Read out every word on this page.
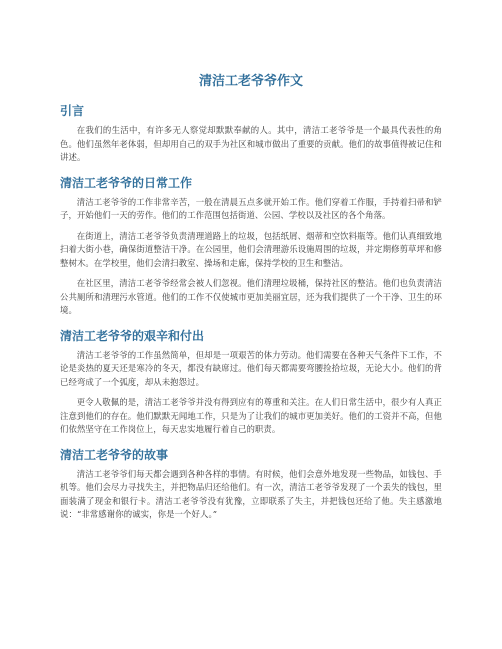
清洁工老爷爷作文
引言

在我们的生活中，有许多无人察觉却默默奉献的人。其中，清洁工老爷爷是一个最具代表性的角色。他们虽然年老体弱，但却用自己的双手为社区和城市做出了重要的贡献。他们的故事值得被记住和讲述。

清洁工老爷爷的日常工作

清洁工老爷爷的工作非常辛苦，一般在清晨五点多就开始工作。他们穿着工作服，手持着扫帚和铲子，开始他们一天的劳作。他们的工作范围包括街道、公园、学校以及社区的各个角落。

在街道上，清洁工老爷爷负责清理道路上的垃圾，包括纸屑、烟蒂和空饮料瓶等。他们认真细致地扫着大街小巷，确保街道整洁干净。在公园里，他们会清理游乐设施周围的垃圾，并定期修剪草坪和修整树木。在学校里，他们会清扫教室、操场和走廊，保持学校的卫生和整洁。

在社区里，清洁工老爷爷经常会被人们忽视。他们清理垃圾桶，保持社区的整洁。他们也负责清洁公共厕所和清理污水管道。他们的工作不仅使城市更加美丽宜居，还为我们提供了一个干净、卫生的环境。

清洁工老爷爷的艰辛和付出

清洁工老爷爷的工作虽然简单，但却是一项艰苦的体力劳动。他们需要在各种天气条件下工作，不论是炎热的夏天还是寒冷的冬天，都没有缺席过。他们每天都需要弯腰捡拾垃圾，无论大小。他们的背已经弯成了一个弧度，却从未抱怨过。

更令人敬佩的是，清洁工老爷爷并没有得到应有的尊重和关注。在人们日常生活中，很少有人真正注意到他们的存在。他们默默无闻地工作，只是为了让我们的城市更加美好。他们的工资并不高，但他们依然坚守在工作岗位上，每天忠实地履行着自己的职责。

清洁工老爷爷的故事

清洁工老爷爷们每天都会遇到各种各样的事情。有时候，他们会意外地发现一些物品，如钱包、手机等。他们会尽力寻找失主，并把物品归还给他们。有一次，清洁工老爷爷发现了一个丢失的钱包，里面装满了现金和银行卡。清洁工老爷爷没有犹豫，立即联系了失主，并把钱包还给了他。失主感激地说：“非常感谢你的诚实，你是一个好人。”
